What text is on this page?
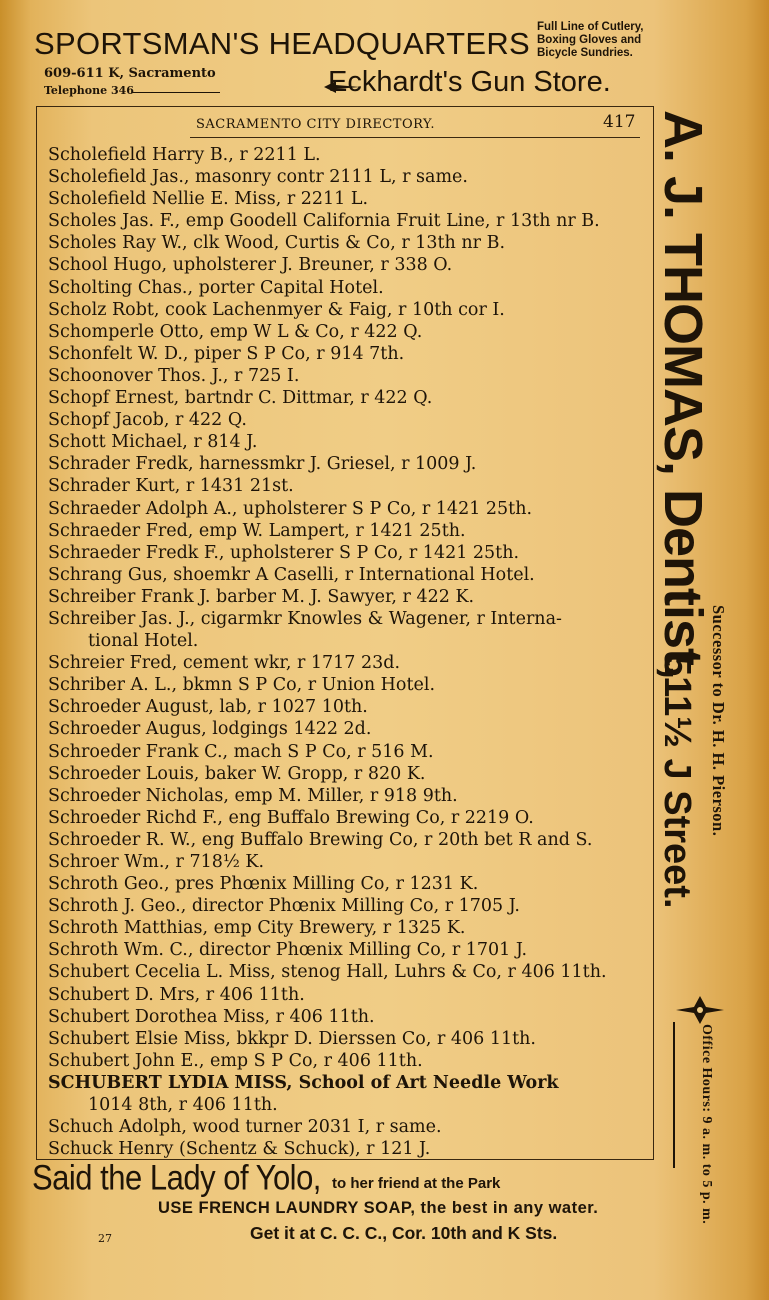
SPORTSMAN'S HEADQUARTERS Full Line of Cutlery,
Boxing Gloves and
Bicycle Sundries.
609-611 K, Sacramento
Telephone 346	Eckhardt's Gun Store.
SACRAMENTO CITY DIRECTORY.	417
Scholefield Harry B., r 2211 L.
Scholefield Jas., masonry contr 2111 L, r same.
Scholefield Nellie E. Miss, r 2211 L.
Scholes Jas. F., emp Goodell California Fruit Line, r 13th nr B.
Scholes Ray W., clk Wood, Curtis & Co, r 13th nr B.
School Hugo, upholsterer J. Breuner, r 338 O.
Scholting Chas., porter Capital Hotel.
Scholz Robt, cook Lachenmyer & Faig, r 10th cor I.
Schomperle Otto, emp W L & Co, r 422 Q.
Schonfelt W. D., piper S P Co, r 914 7th.
Schoonover Thos. J., r 725 I.
Schopf Ernest, bartndr C. Dittmar, r 422 Q.
Schopf Jacob, r 422 Q.
Schott Michael, r 814 J.
Schrader Fredk, harnessmkr J. Griesel, r 1009 J.
Schrader Kurt, r 1431 21st.
Schraeder Adolph A., upholsterer S P Co, r 1421 25th.
Schraeder Fred, emp W. Lampert, r 1421 25th.
Schraeder Fredk F., upholsterer S P Co, r 1421 25th.
Schrang Gus, shoemkr A Caselli, r International Hotel.
Schreiber Frank J. barber M. J. Sawyer, r 422 K.
Schreiber Jas. J., cigarmkr Knowles & Wagener, r Interna-
tional Hotel.
Schreier Fred, cement wkr, r 1717 23d.
Schriber A. L., bkmn S P Co, r Union Hotel.
Schroeder August, lab, r 1027 10th.
Schroeder Augus, lodgings 1422 2d.
Schroeder Frank C., mach S P Co, r 516 M.
Schroeder Louis, baker W. Gropp, r 820 K.
Schroeder Nicholas, emp M. Miller, r 918 9th.
Schroeder Richd F., eng Buffalo Brewing Co, r 2219 O.
Schroeder R. W., eng Buffalo Brewing Co, r 20th bet R and S.
Schroer Wm., r 718½ K.
Schroth Geo., pres Phœnix Milling Co, r 1231 K.
Schroth J. Geo., director Phœnix Milling Co, r 1705 J.
Schroth Matthias, emp City Brewery, r 1325 K.
Schroth Wm. C., director Phœnix Milling Co, r 1701 J.
Schubert Cecelia L. Miss, stenog Hall, Luhrs & Co, r 406 11th.
Schubert D. Mrs, r 406 11th.
Schubert Dorothea Miss, r 406 11th.
Schubert Elsie Miss, bkkpr D. Dierssen Co, r 406 11th.
Schubert John E., emp S P Co, r 406 11th.
SCHUBERT LYDIA MISS, School of Art Needle Work
1014 8th, r 406 11th.
Schuch Adolph, wood turner 2031 I, r same.
Schuck Henry (Schentz & Schuck), r 121 J.
A. J. THOMAS, Dentist,
Successor to Dr. H. H. Pierson.
511½ J Street.
Office Hours: 9 a. m. to 5 p. m.
Said the Lady of Yolo, to her friend at the Park
USE FRENCH LAUNDRY SOAP, the best in any water.
Get it at C. C. C., Cor. 10th and K Sts.
27
